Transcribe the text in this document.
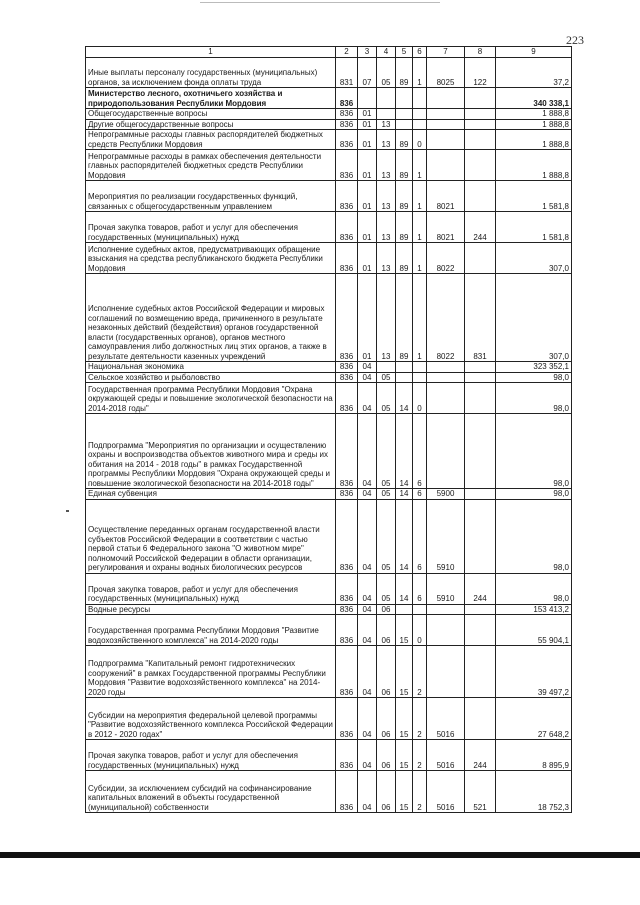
223
1	2	3	4	5	6	7	8	9
Иные выплаты персоналу государственных (муниципальных) органов, за исключением фонда оплаты труда	831	07	05	89	1	8025	122	37,2
Министерство лесного, охотничьего хозяйства и природопользования Республики Мордовия	836							340 338,1
Общегосударственные вопросы	836	01						1 888,8
Другие общегосударственные вопросы	836	01	13					1 888,8
Непрограммные расходы главных распорядителей бюджетных средств Республики Мордовия	836	01	13	89	0			1 888,8
Непрограммные расходы в рамках обеспечения деятельности главных распорядителей бюджетных средств Республики Мордовия	836	01	13	89	1			1 888,8
Мероприятия по реализации государственных функций, связанных с общегосударственным управлением	836	01	13	89	1	8021		1 581,8
Прочая закупка товаров, работ и услуг для обеспечения государственных (муниципальных) нужд	836	01	13	89	1	8021	244	1 581,8
Исполнение судебных актов, предусматривающих обращение взыскания на средства республиканского бюджета Республики Мордовия	836	01	13	89	1	8022		307,0
Исполнение судебных актов Российской Федерации и мировых соглашений по возмещению вреда, причиненного в результате незаконных действий (бездействия) органов государственной власти (государственных органов), органов местного самоуправления либо должностных лиц этих органов, а также в результате деятельности казенных учреждений	836	01	13	89	1	8022	831	307,0
Национальная экономика	836	04						323 352,1
Сельское хозяйство и рыболовство	836	04	05					98,0
Государственная программа Республики Мордовия "Охрана окружающей среды и повышение экологической безопасности на 2014-2018 годы"	836	04	05	14	0			98,0
Подпрограмма "Мероприятия по организации и осуществлению охраны и воспроизводства объектов животного мира и среды их обитания на 2014 - 2018 годы" в рамках Государственной программы Республики Мордовия "Охрана окружающей среды и повышение экологической безопасности на 2014-2018 годы"	836	04	05	14	6			98,0
Единая субвенция	836	04	05	14	6	5900		98,0
Осуществление переданных органам государственной власти субъектов Российской Федерации в соответствии с частью первой статьи 6 Федерального закона "О животном мире" полномочий Российской Федерации в области организации, регулирования и охраны водных биологических ресурсов	836	04	05	14	6	5910		98,0
Прочая закупка товаров, работ и услуг для обеспечения государственных (муниципальных) нужд	836	04	05	14	6	5910	244	98,0
Водные ресурсы	836	04	06					153 413,2
Государственная программа Республики Мордовия "Развитие водохозяйственного комплекса" на 2014-2020 годы	836	04	06	15	0			55 904,1
Подпрограмма "Капитальный ремонт гидротехнических сооружений" в рамках Государственной программы Республики Мордовия "Развитие водохозяйственного комплекса" на 2014-2020 годы	836	04	06	15	2			39 497,2
Субсидии на мероприятия федеральной целевой программы "Развитие водохозяйственного комплекса Российской Федерации в 2012 - 2020 годах"	836	04	06	15	2	5016		27 648,2
Прочая закупка товаров, работ и услуг для обеспечения государственных (муниципальных) нужд	836	04	06	15	2	5016	244	8 895,9
Субсидии, за исключением субсидий на софинансирование капитальных вложений в объекты государственной (муниципальной) собственности	836	04	06	15	2	5016	521	18 752,3
